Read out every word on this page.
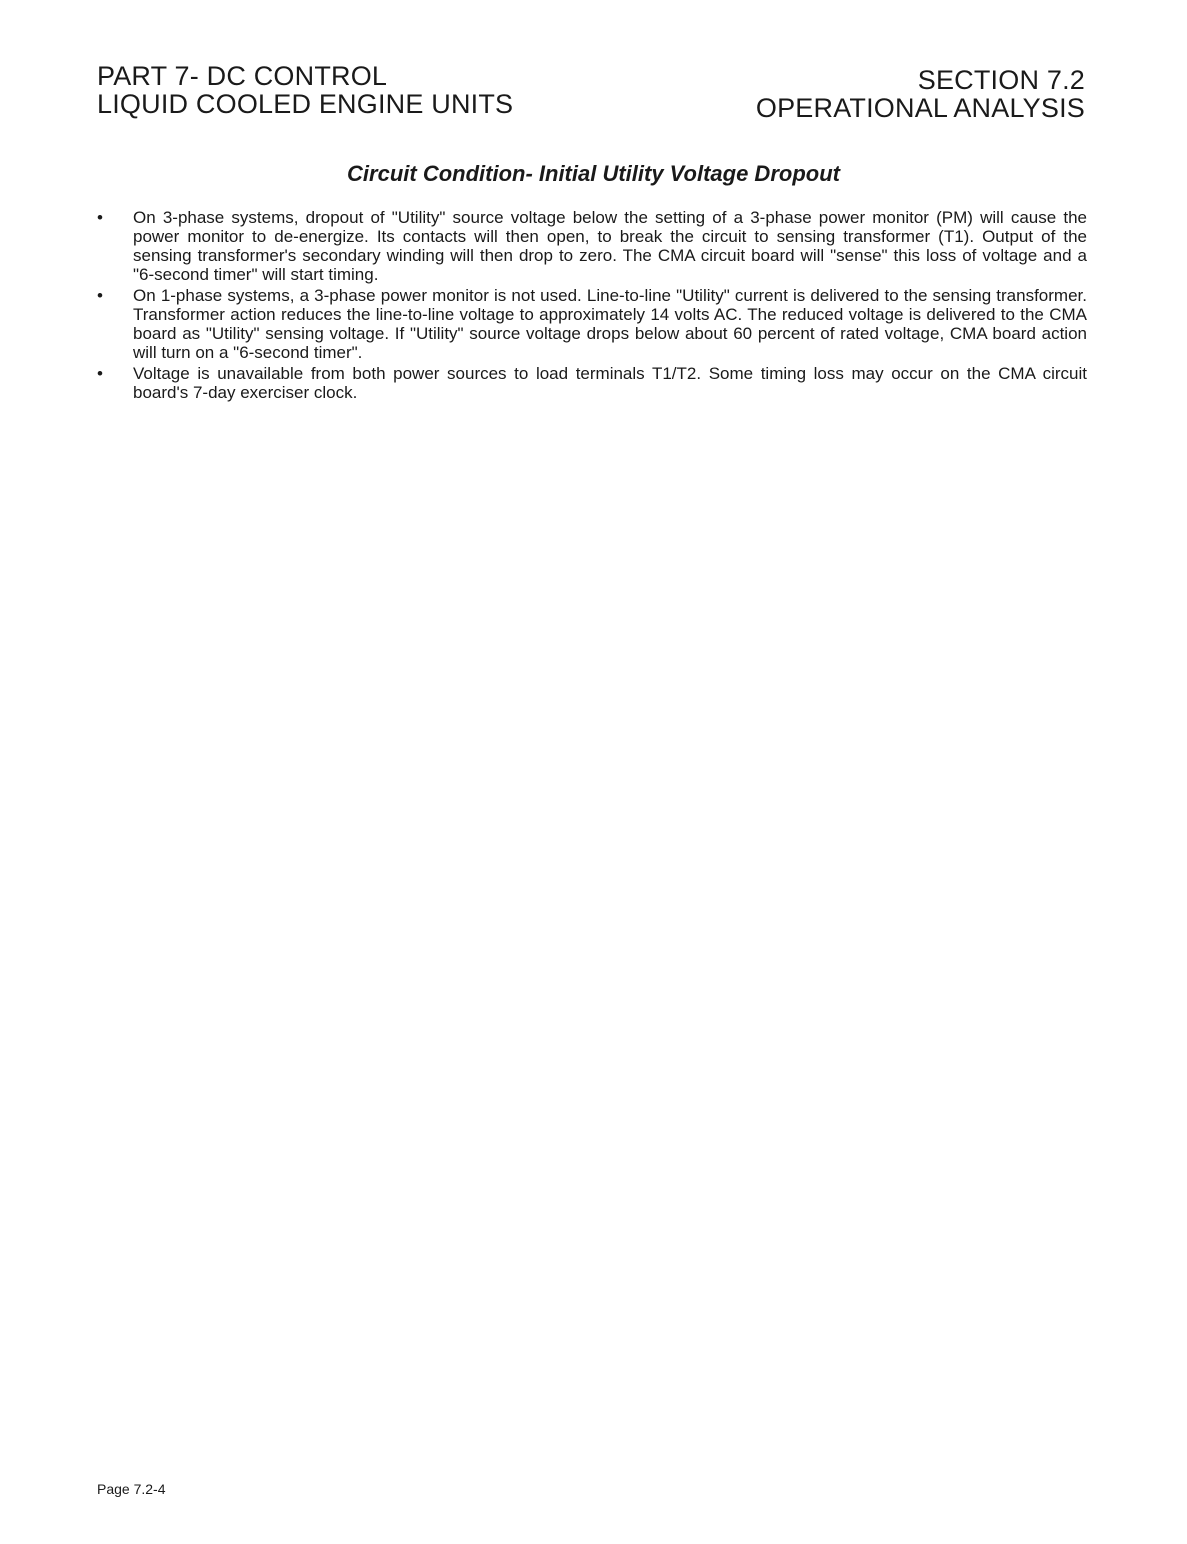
PART 7- DC CONTROL
LIQUID COOLED ENGINE UNITS
SECTION 7.2
OPERATIONAL ANALYSIS
Circuit Condition- Initial Utility Voltage Dropout
•	On 3-phase systems, dropout of "Utility" source voltage below the setting of a 3-phase power monitor (PM) will cause the power monitor to de-energize. Its contacts will then open, to break the circuit to sensing transformer (T1). Output of the sensing transformer's secondary winding will then drop to zero. The CMA circuit board will "sense" this loss of voltage and a "6-second timer" will start timing.
•	On 1-phase systems, a 3-phase power monitor is not used. Line-to-line "Utility" current is delivered to the sensing transformer. Transformer action reduces the line-to-line voltage to approximately 14 volts AC. The reduced voltage is delivered to the CMA board as "Utility" sensing voltage. If "Utility" source voltage drops below about 60 percent of rated voltage, CMA board action will turn on a "6-second timer".
•	Voltage is unavailable from both power sources to load terminals T1/T2. Some timing loss may occur on the CMA circuit board's 7-day exerciser clock.
Page 7.2-4
